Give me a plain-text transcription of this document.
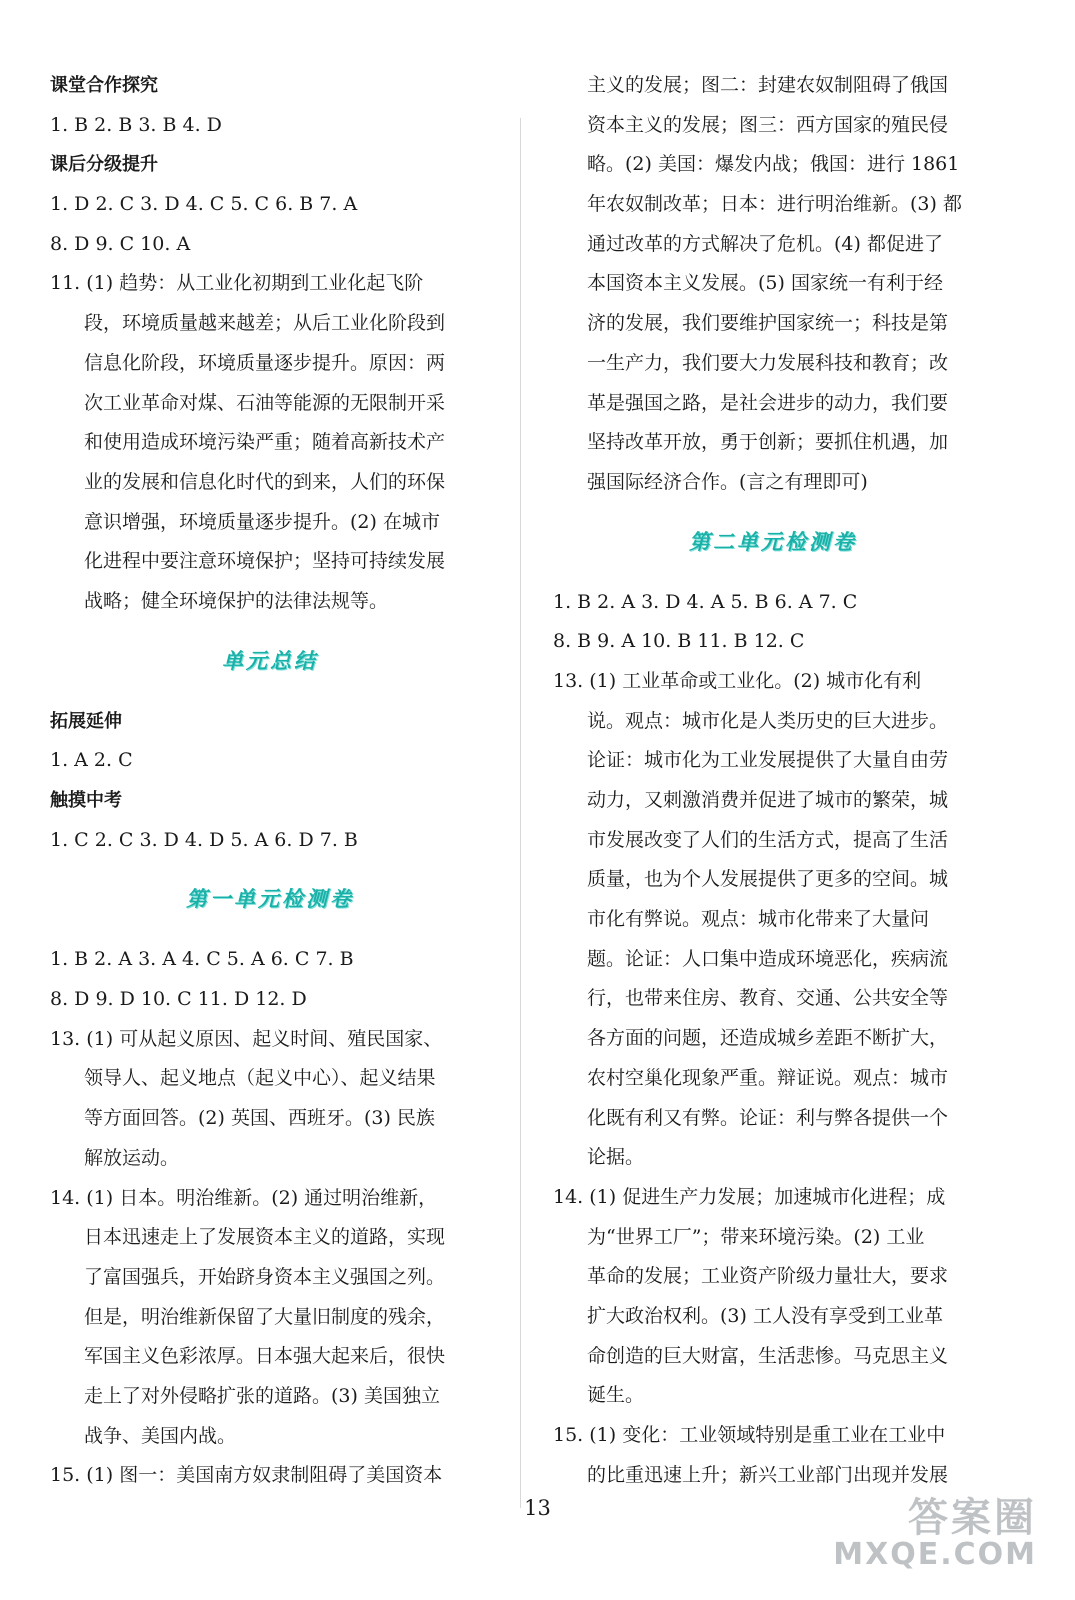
课堂合作探究
1. B 2. B 3. B 4. D
课后分级提升
1. D 2. C 3. D 4. C 5. C 6. B 7. A
8. D 9. C 10. A
11. (1) 趋势：从工业化初期到工业化起飞阶
段，环境质量越来越差；从后工业化阶段到
信息化阶段，环境质量逐步提升。原因：两
次工业革命对煤、石油等能源的无限制开采
和使用造成环境污染严重；随着高新技术产
业的发展和信息化时代的到来，人们的环保
意识增强，环境质量逐步提升。(2) 在城市
化进程中要注意环境保护；坚持可持续发展
战略；健全环境保护的法律法规等。
单元总结
拓展延伸
1. A 2. C
触摸中考
1. C 2. C 3. D 4. D 5. A 6. D 7. B
第一单元检测卷
1. B 2. A 3. A 4. C 5. A 6. C 7. B
8. D 9. D 10. C 11. D 12. D
13. (1) 可从起义原因、起义时间、殖民国家、
领导人、起义地点（起义中心）、起义结果
等方面回答。(2) 英国、西班牙。(3) 民族
解放运动。
14. (1) 日本。明治维新。(2) 通过明治维新，
日本迅速走上了发展资本主义的道路，实现
了富国强兵，开始跻身资本主义强国之列。
但是，明治维新保留了大量旧制度的残余，
军国主义色彩浓厚。日本强大起来后，很快
走上了对外侵略扩张的道路。(3) 美国独立
战争、美国内战。
15. (1) 图一：美国南方奴隶制阻碍了美国资本
主义的发展；图二：封建农奴制阻碍了俄国
资本主义的发展；图三：西方国家的殖民侵
略。(2) 美国：爆发内战；俄国：进行 1861
年农奴制改革；日本：进行明治维新。(3) 都
通过改革的方式解决了危机。(4) 都促进了
本国资本主义发展。(5) 国家统一有利于经
济的发展，我们要维护国家统一；科技是第
一生产力，我们要大力发展科技和教育；改
革是强国之路，是社会进步的动力，我们要
坚持改革开放，勇于创新；要抓住机遇，加
强国际经济合作。(言之有理即可)
第二单元检测卷
1. B 2. A 3. D 4. A 5. B 6. A 7. C
8. B 9. A 10. B 11. B 12. C
13. (1) 工业革命或工业化。(2) 城市化有利
说。观点：城市化是人类历史的巨大进步。
论证：城市化为工业发展提供了大量自由劳
动力，又刺激消费并促进了城市的繁荣，城
市发展改变了人们的生活方式，提高了生活
质量，也为个人发展提供了更多的空间。城
市化有弊说。观点：城市化带来了大量问
题。论证：人口集中造成环境恶化，疾病流
行，也带来住房、教育、交通、公共安全等
各方面的问题，还造成城乡差距不断扩大，
农村空巢化现象严重。辩证说。观点：城市
化既有利又有弊。论证：利与弊各提供一个
论据。
14. (1) 促进生产力发展；加速城市化进程；成
为“世界工厂”；带来环境污染。(2) 工业
革命的发展；工业资产阶级力量壮大，要求
扩大政治权利。(3) 工人没有享受到工业革
命创造的巨大财富，生活悲惨。马克思主义
诞生。
15. (1) 变化：工业领域特别是重工业在工业中
的比重迅速上升；新兴工业部门出现并发展
13	答案圈
MXQE.COM
